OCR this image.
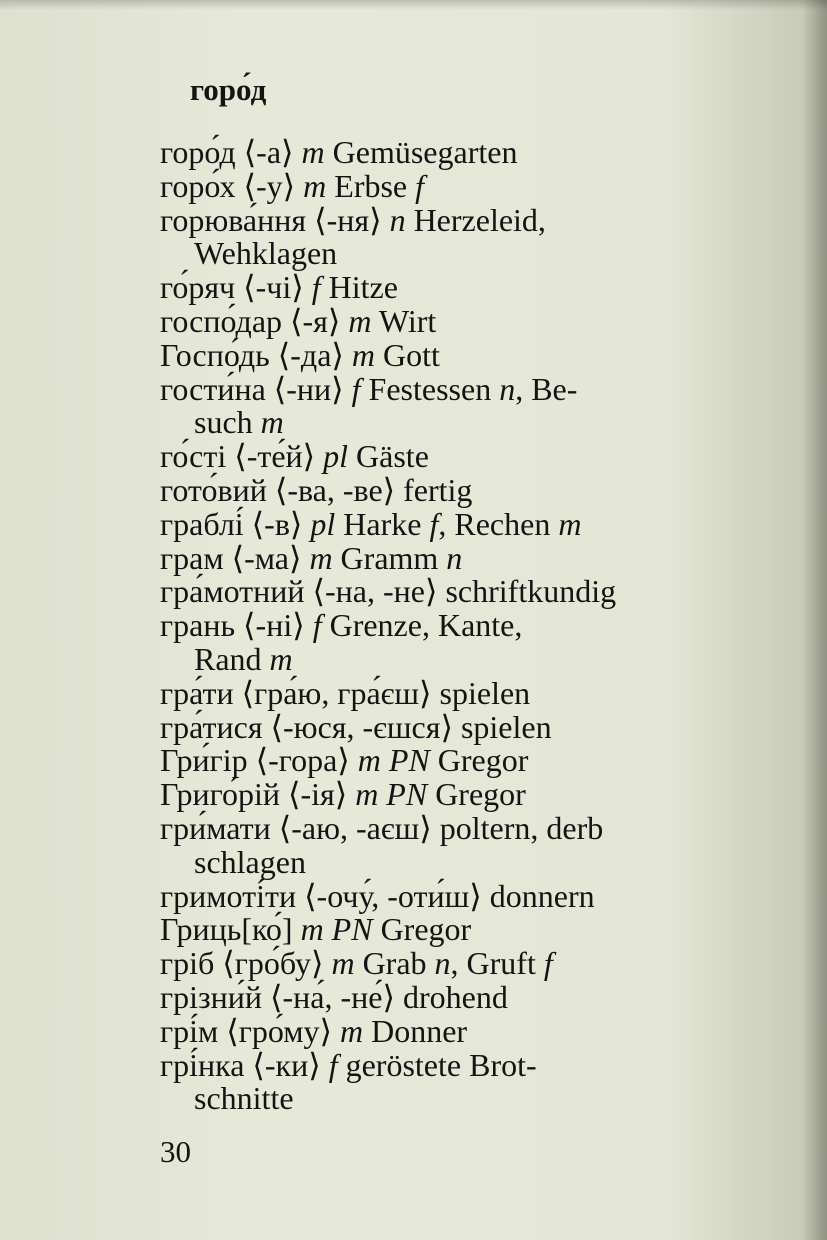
горо́д
горо́д ⟨-а⟩ m Gemüsegarten
горо́х ⟨-у⟩ m Erbse f
горюва́ння ⟨-ня⟩ n Herzeleid,
Wehklagen
го́ряч ⟨-чі⟩ f Hitze
госпо́дар ⟨-я⟩ m Wirt
Госпо́дь ⟨-да⟩ m Gott
гости́на ⟨-ни⟩ f Festessen n, Be-
such m
го́сті ⟨-те́й⟩ pl Gäste
гото́вий ⟨-ва, -ве⟩ fertig
граблі́ ⟨-в⟩ pl Harke f, Rechen m
грам ⟨-ма⟩ m Gramm n
гра́мотний ⟨-на, -не⟩ schriftkundig
грань ⟨-ні⟩ f Grenze, Kante,
Rand m
гра́ти ⟨гра́ю, гра́єш⟩ spielen
гра́тися ⟨-юся, -єшся⟩ spielen
Гри́гір ⟨-гора⟩ m PN Gregor
Григо́рій ⟨-ія⟩ m PN Gregor
гри́мати ⟨-аю, -аєш⟩ poltern, derb
schlagen
гримоті́ти ⟨-очу́, -оти́ш⟩ donnern
Гриць[ко́] m PN Gregor
гріб ⟨гро́бу⟩ m Grab n, Gruft f
грізни́й ⟨-на́, -не́⟩ drohend
грі́м ⟨гро́му⟩ m Donner
грі́нка ⟨-ки⟩ f geröstete Brot-
schnitte
30
